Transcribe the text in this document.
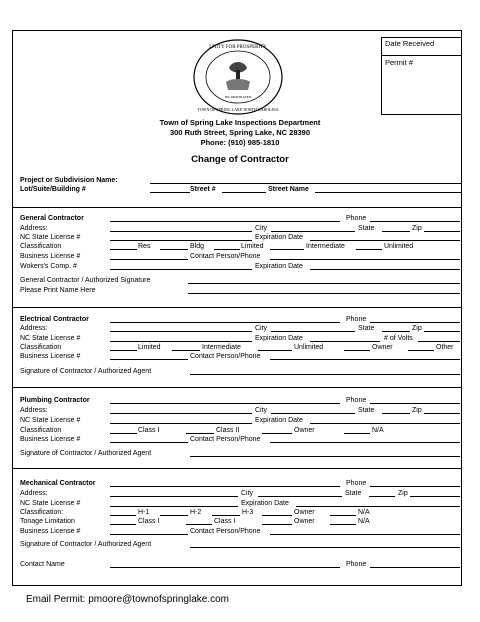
Date Received
Permit #
UNITY FOR PROSPERITY
INCORPORATED
TOWN OF SPRING LAKE NORTH CAROLINA
Town of Spring Lake Inspections Department
300 Ruth Street, Spring Lake, NC 28390
Phone: (910) 985-1810
Change of Contractor
Project or Subdivision Name:
Lot/Suite/Building #	Street #	Street Name
General Contractor	Phone
Address:	City	State	Zip
NC State License #	Expiration Date
Classification	Res	Bldg	Limited	Intermediate	Unlimited
Business License #	Contact Person/Phone
Wokers's Comp. #	Expiration Date
General Contractor / Authorized Signature
Please Print Name Here
Electrical Contractor	Phone
Address:	City	State	Zip
NC State License #	Expiration Date	# of Volts
Classification	Limited	Intermediate	Unlimited	Owner	Other
Business License #	Contact Person/Phone
Signature of Contractor / Authorized Agent
Plumbing Contractor	Phone
Address:	City	State	Zip
NC State License #	Expiration Date
Classification	Class I	Class II	Owner	N/A
Business License #	Contact Person/Phone
Signature of Contractor / Authorized Agent
Mechanical Contractor	Phone
Address:	City	State	Zip
NC State License #	Expiration Date
Classification:	H-1	H-2	H-3	Owner	N/A
Tonage Limitation	Class I	Class I	Owner	N/A
Business License #	Contact Person/Phone
Signature of Contractor / Authorized Agent
Contact Name	Phone
Email Permit: pmoore@townofspringlake.com
